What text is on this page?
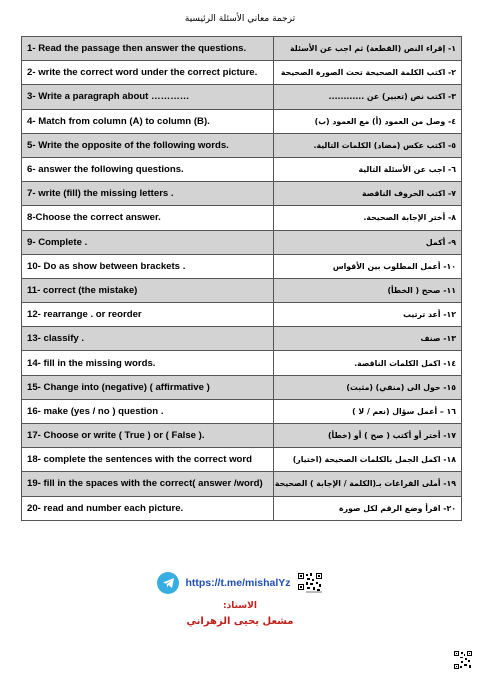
ترجمة معاني الأسئلة الرئيسية
1- Read the passage then answer the questions.	١- إقراء النص (القطعة) ثم اجب عن الأسئلة
2- write the correct word under the correct picture.	٢- اكتب الكلمة الصحيحة تحت الصورة الصحيحة
3- Write a paragraph about …………	٣- اكتب نص (تعبير) عن ............
4- Match from column (A) to column (B).	٤- وصل من العمود (أ) مع العمود (ب)
5- Write the opposite of the following words.	٥- اكتب عكس (مضاد) الكلمات التالية.
6- answer the following questions.	٦- اجب عن الأسئلة التالية
7- write (fill) the missing letters .	٧- اكتب الحروف الناقصة
8-Choose the correct answer.	٨- أختر الإجابة الصحيحة.
9- Complete .	٩- أكمل
10- Do as show between brackets .	١٠- أعمل المطلوب بين الأقواس
11- correct (the mistake)	١١- صحح ( الخطأ)
12- rearrange . or reorder	١٢- أعد ترتيب
13- classify .	١٣- صنف
14- fill in the missing words.	١٤- اكمل الكلمات الناقصة.
15- Change into (negative) ( affirmative )	١٥- حول الى (منفي) (مثبت)
16- make (yes / no ) question .	١٦ – أعمل سؤال (نعم / لا )
17- Choose or write ( True ) or ( False ).	١٧- أختر أو أكتب ( صح ) أو (خطأ)
18- complete the sentences with the correct word	١٨- اكمل الجمل بالكلمات الصحيحة (اختيار)
19- fill in the spaces with the correct( answer /word)	١٩- أملى الفراغات بـ(الكلمة / الإجابة ) الصحيحة
20- read and number each picture.	٢٠- اقرأ وضع الرقم لكل صورة
https://t.me/mishalYz
الاستاذ:
مشعل يحيى الزهراني
